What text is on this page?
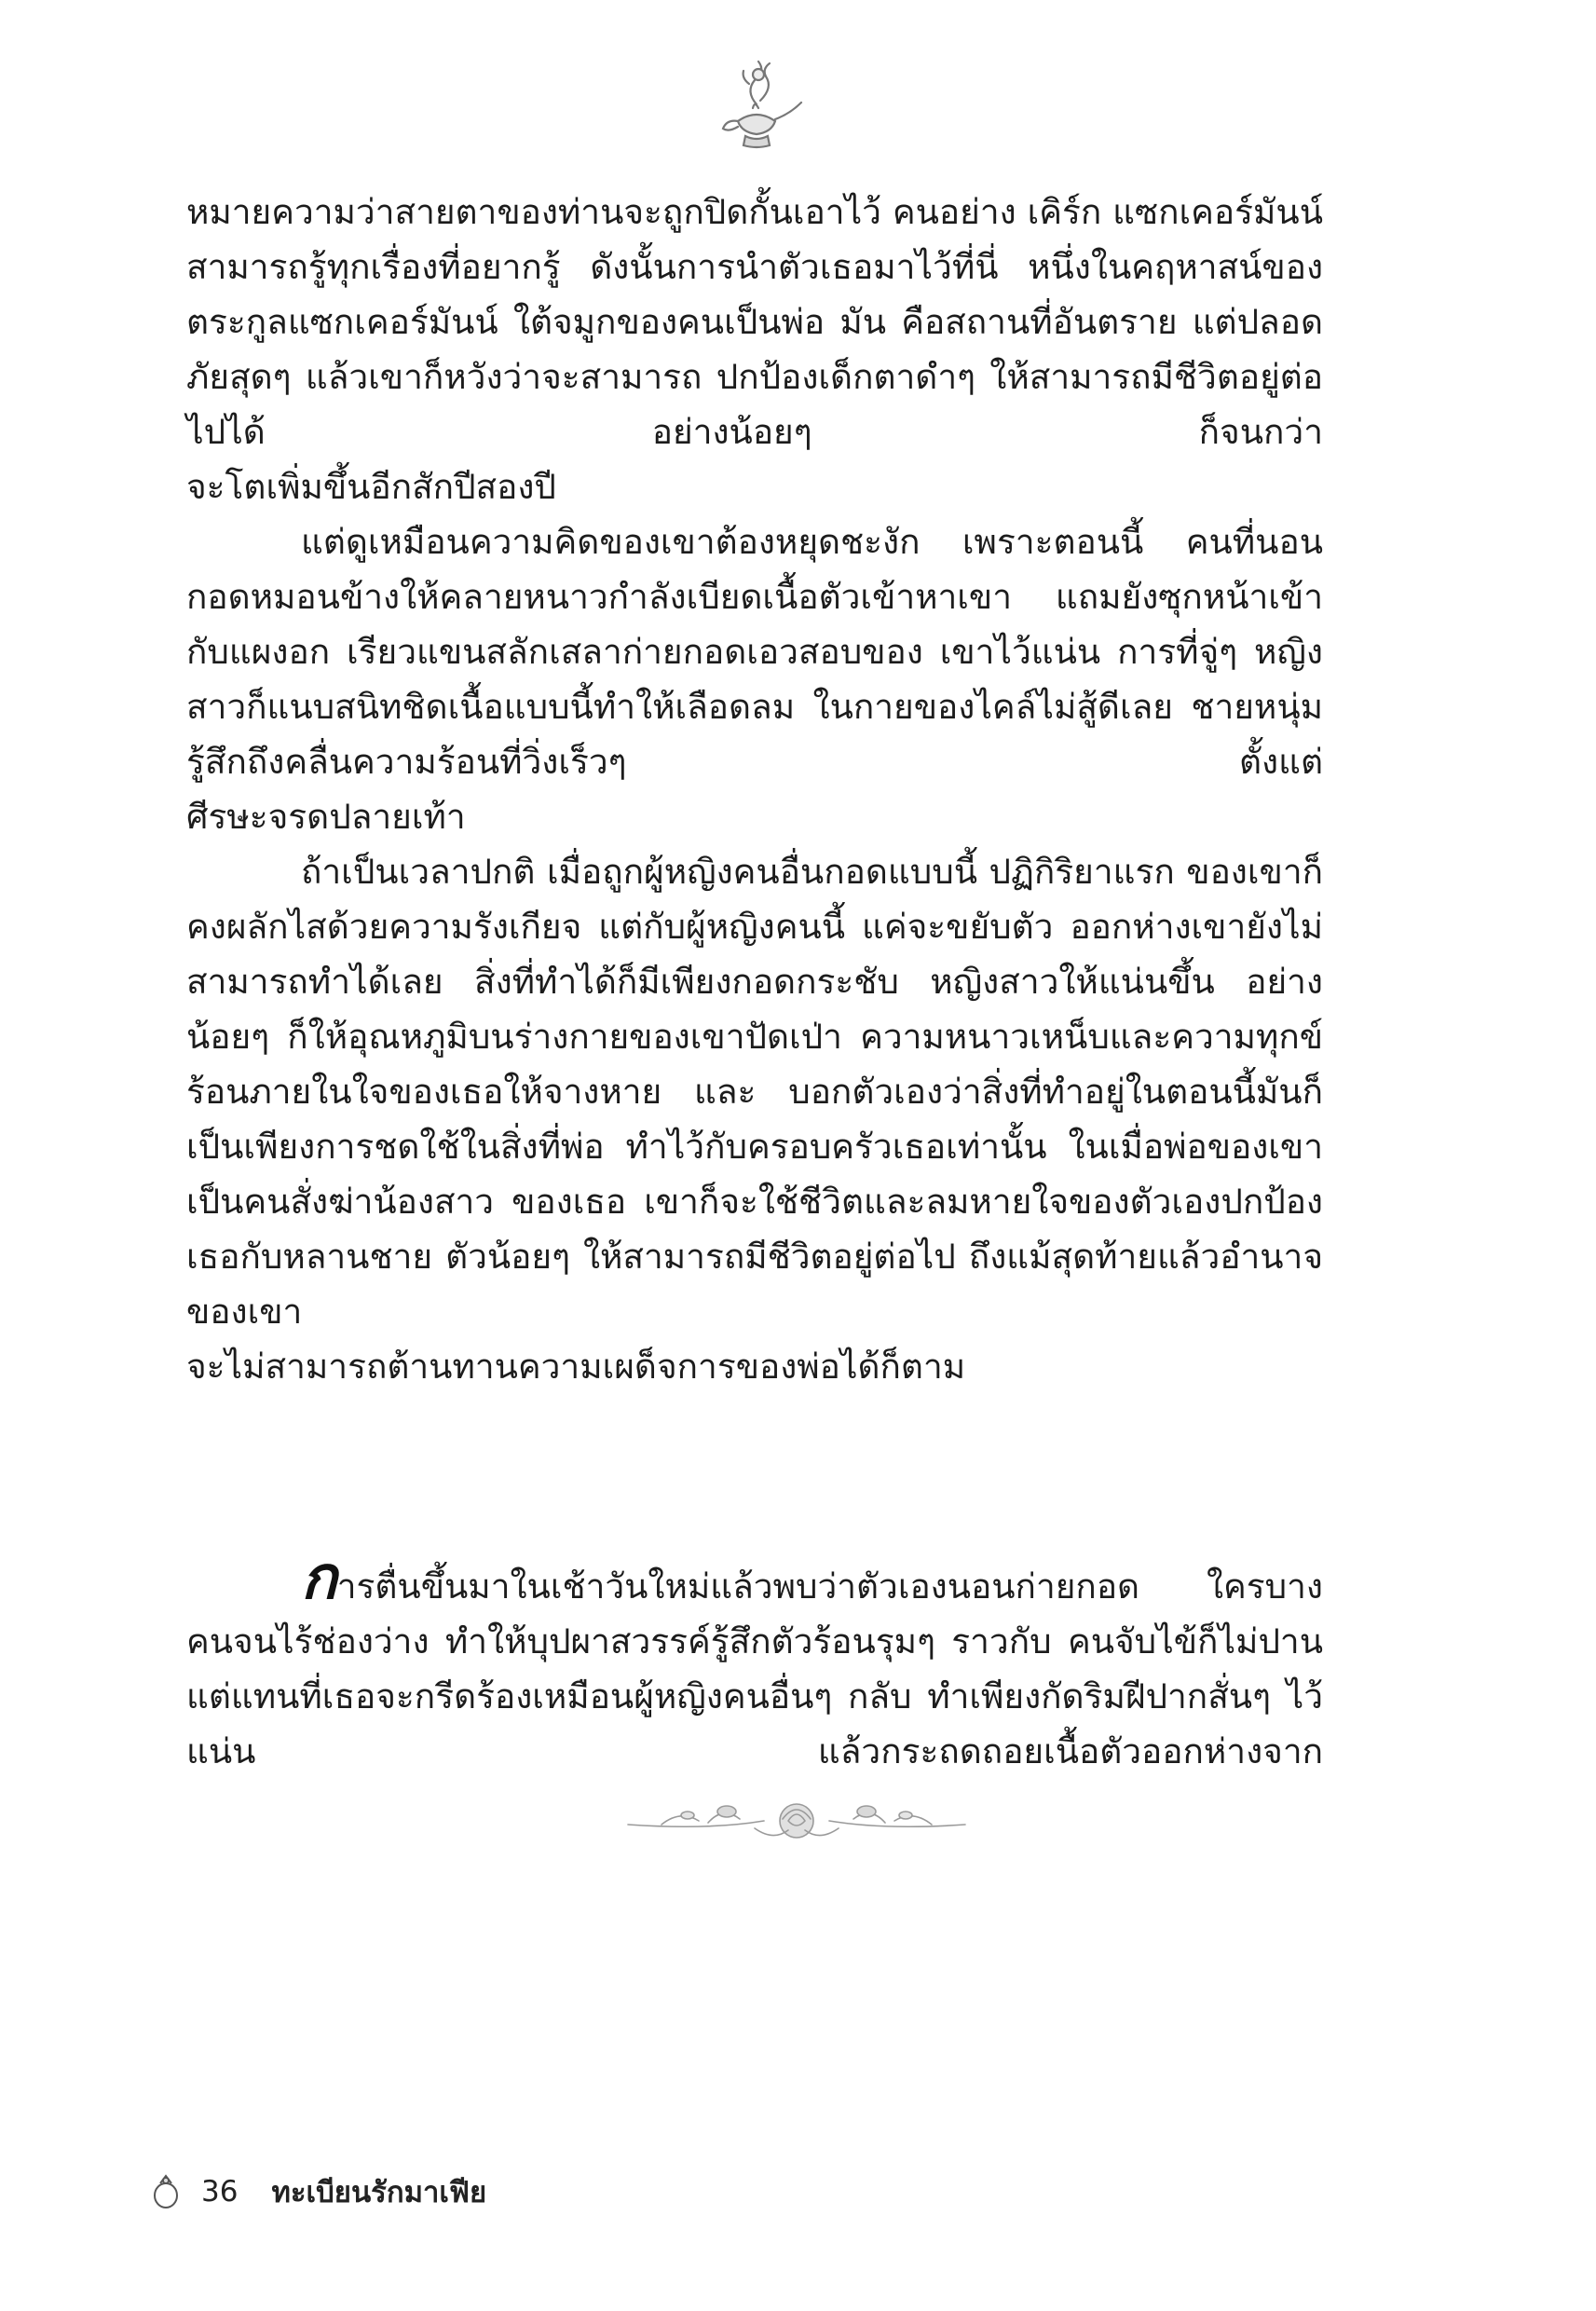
หมายความว่าสายตาของท่านจะถูกปิดกั้นเอาไว้ คนอย่าง เคิร์ก แซกเคอร์มันน์ สามารถรู้ทุกเรื่องที่อยากรู้ ดังนั้นการนำตัวเธอมาไว้ที่นี่ หนึ่งในคฤหาสน์ของตระกูลแซกเคอร์มันน์ ใต้จมูกของคนเป็นพ่อ มัน คือสถานที่อันตราย แต่ปลอดภัยสุดๆ แล้วเขาก็หวังว่าจะสามารถ ปกป้องเด็กตาดำๆ ให้สามารถมีชีวิตอยู่ต่อไปได้ อย่างน้อยๆ ก็จนกว่า

จะโตเพิ่มขึ้นอีกสักปีสองปี

แต่ดูเหมือนความคิดของเขาต้องหยุดชะงัก เพราะตอนนี้ คนที่นอนกอดหมอนข้างให้คลายหนาวกำลังเบียดเนื้อตัวเข้าหาเขา แถมยังซุกหน้าเข้ากับแผงอก เรียวแขนสลักเสลาก่ายกอดเอวสอบของ เขาไว้แน่น การที่จู่ๆ หญิงสาวก็แนบสนิทชิดเนื้อแบบนี้ทำให้เลือดลม ในกายของไคล์ไม่สู้ดีเลย ชายหนุ่มรู้สึกถึงคลื่นความร้อนที่วิ่งเร็วๆ ตั้งแต่

ศีรษะจรดปลายเท้า

ถ้าเป็นเวลาปกติ เมื่อถูกผู้หญิงคนอื่นกอดแบบนี้ ปฏิกิริยาแรก ของเขาก็คงผลักไสด้วยความรังเกียจ แต่กับผู้หญิงคนนี้ แค่จะขยับตัว ออกห่างเขายังไม่สามารถทำได้เลย สิ่งที่ทำได้ก็มีเพียงกอดกระชับ หญิงสาวให้แน่นขึ้น อย่างน้อยๆ ก็ให้อุณหภูมิบนร่างกายของเขาปัดเป่า ความหนาวเหน็บและความทุกข์ร้อนภายในใจของเธอให้จางหาย และ บอกตัวเองว่าสิ่งที่ทำอยู่ในตอนนี้มันก็เป็นเพียงการชดใช้ในสิ่งที่พ่อ ทำไว้กับครอบครัวเธอเท่านั้น ในเมื่อพ่อของเขาเป็นคนสั่งฆ่าน้องสาว ของเธอ เขาก็จะใช้ชีวิตและลมหายใจของตัวเองปกป้องเธอกับหลานชาย ตัวน้อยๆ ให้สามารถมีชีวิตอยู่ต่อไป ถึงแม้สุดท้ายแล้วอำนาจของเขา

จะไม่สามารถต้านทานความเผด็จการของพ่อได้ก็ตาม

การตื่นขึ้นมาในเช้าวันใหม่แล้วพบว่าตัวเองนอนก่ายกอด ใครบางคนจนไร้ช่องว่าง ทำให้บุปผาสวรรค์รู้สึกตัวร้อนรุมๆ ราวกับ คนจับไข้ก็ไม่ปาน แต่แทนที่เธอจะกรีดร้องเหมือนผู้หญิงคนอื่นๆ กลับ ทำเพียงกัดริมฝีปากสั่นๆ ไว้แน่น แล้วกระถดถอยเนื้อตัวออกห่างจาก

36 ทะเบียนรักมาเฟีย
